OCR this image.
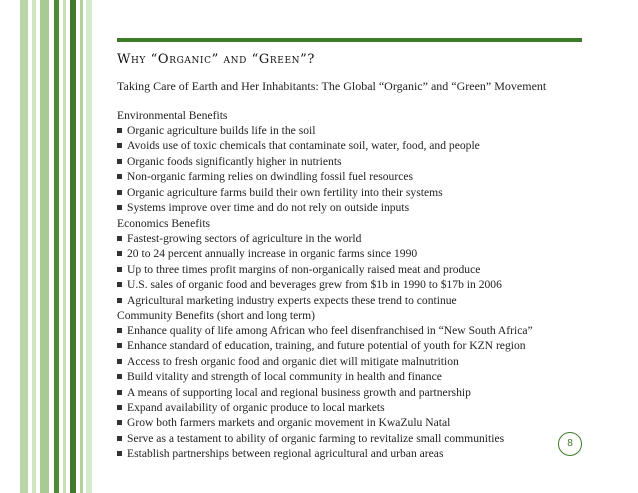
Why “Organic” and “Green”?
Taking Care of Earth and Her Inhabitants: The Global “Organic” and “Green” Movement
Environmental Benefits
Organic agriculture builds life in the soil
Avoids use of toxic chemicals that contaminate soil, water, food, and people
Organic foods significantly higher in nutrients
Non-organic farming relies on dwindling fossil fuel resources
Organic agriculture farms build their own fertility into their systems
Systems improve over time and do not rely on outside inputs
Economics Benefits
Fastest-growing sectors of agriculture in the world
20 to 24 percent annually increase in organic farms since 1990
Up to three times profit margins of non-organically raised meat and produce
U.S. sales of organic food and beverages grew from $1b in 1990 to $17b in 2006
Agricultural marketing industry experts expects these trend to continue
Community Benefits (short and long term)
Enhance quality of life among African who feel disenfranchised in “New South Africa”
Enhance standard of education, training, and future potential of youth for KZN region
Access to fresh organic food and organic diet will mitigate malnutrition
Build vitality and strength of local community in health and finance
A means of supporting local and regional business growth and partnership
Expand availability of organic produce to local markets
Grow both farmers markets and organic movement in KwaZulu Natal
Serve as a testament to ability of organic farming to revitalize small communities
Establish partnerships between regional agricultural and urban areas
8
